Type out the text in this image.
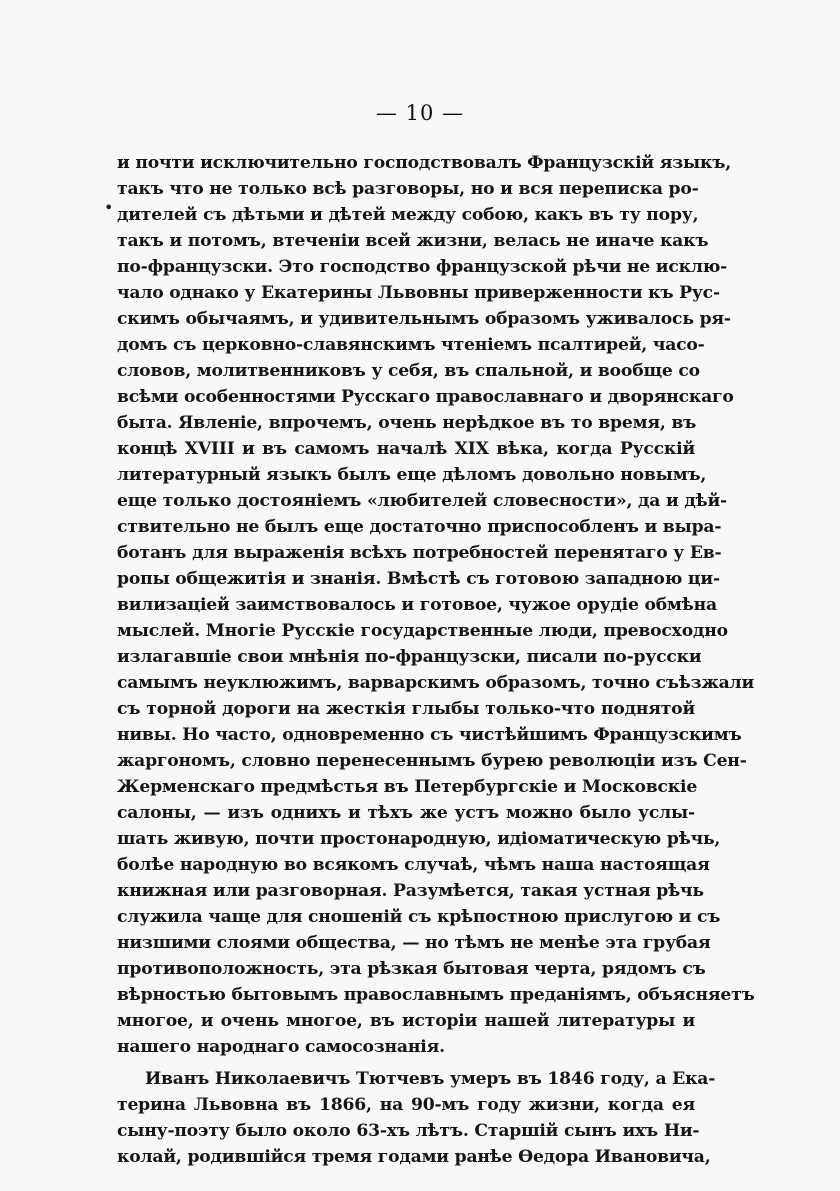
— 10 —
и почти исключительно господствовалъ Французскій языкъ,
такъ что не только всѣ разговоры, но и вся переписка ро-
дителей съ дѣтьми и дѣтей между собою, какъ въ ту пору,
такъ и потомъ, втеченіи всей жизни, велась не иначе какъ
по-французски. Это господство французской рѣчи не исклю-
чало однако у Екатерины Львовны приверженности къ Рус-
скимъ обычаямъ, и удивительнымъ образомъ уживалось ря-
домъ съ церковно-славянскимъ чтеніемъ псалтирей, часо-
словов, молитвенниковъ у себя, въ спальной, и вообще со
всѣми особенностями Русскаго православнаго и дворянскаго
быта. Явленіе, впрочемъ, очень нерѣдкое въ то время, въ
концѣ XVIII и въ самомъ началѣ XIX вѣка, когда Русскій
литературный языкъ былъ еще дѣломъ довольно новымъ,
еще только достояніемъ «любителей словесности», да и дѣй-
ствительно не былъ еще достаточно приспособленъ и выра-
ботанъ для выраженія всѣхъ потребностей перенятаго у Ев-
ропы общежитія и знанія. Вмѣстѣ съ готовою западною ци-
вилизаціей заимствовалось и готовое, чужое орудіе обмѣна
мыслей. Многіе Русскіе государственные люди, превосходно
излагавшіе свои мнѣнія по-французски, писали по-русски
самымъ неуклюжимъ, варварскимъ образомъ, точно съѣзжали
съ торной дороги на жесткія глыбы только-что поднятой
нивы. Но часто, одновременно съ чистѣйшимъ Французскимъ
жаргономъ, словно перенесеннымъ бурею революціи изъ Сен-
Жерменскаго предмѣстья въ Петербургскіе и Московскіе
салоны, — изъ однихъ и тѣхъ же устъ можно было услы-
шать живую, почти простонародную, идіоматическую рѣчь,
болѣе народную во всякомъ случаѣ, чѣмъ наша настоящая
книжная или разговорная. Разумѣется, такая устная рѣчь
служила чаще для сношеній съ крѣпостною прислугою и съ
низшими слоями общества, — но тѣмъ не менѣе эта грубая
противоположность, эта рѣзкая бытовая черта, рядомъ съ
вѣрностью бытовымъ православнымъ преданіямъ, объясняетъ
многое, и очень многое, въ исторіи нашей литературы и
нашего народнаго самосознанія.
Иванъ Николаевичъ Тютчевъ умеръ въ 1846 году, а Ека-
терина Львовна въ 1866, на 90-мъ году жизни, когда ея
сыну-поэту было около 63-хъ лѣтъ. Старшій сынъ ихъ Ни-
колай, родившійся тремя годами ранѣе Ѳедора Ивановича,
•
